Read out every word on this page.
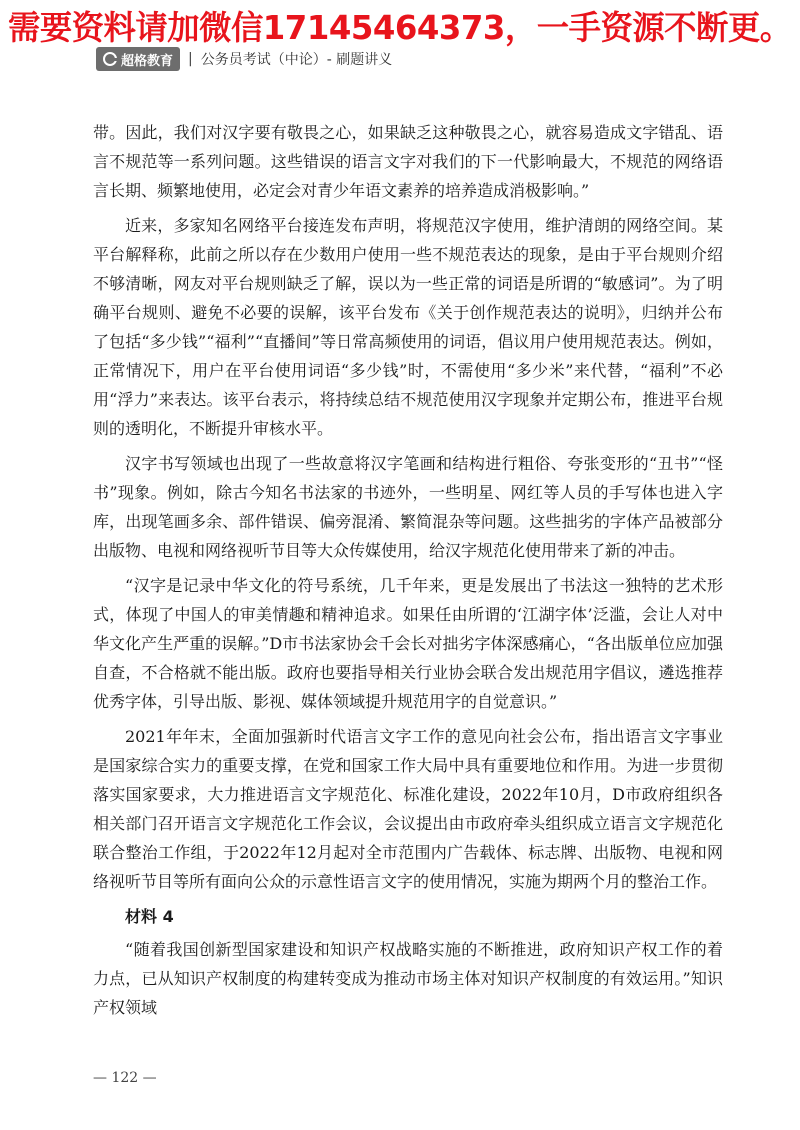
需要资料请加微信17145464373，一手资源不断更。
超格教育 | 公务员考试（中论）- 刷题讲义

带。因此，我们对汉字要有敬畏之心，如果缺乏这种敬畏之心，就容易造成文字错乱、语言不规范等一系列问题。这些错误的语言文字对我们的下一代影响最大，不规范的网络语言长期、频繁地使用，必定会对青少年语文素养的培养造成消极影响。”

近来，多家知名网络平台接连发布声明，将规范汉字使用，维护清朗的网络空间。某平台解释称，此前之所以存在少数用户使用一些不规范表达的现象，是由于平台规则介绍不够清晰，网友对平台规则缺乏了解，误以为一些正常的词语是所谓的“敏感词”。为了明确平台规则、避免不必要的误解，该平台发布《关于创作规范表达的说明》，归纳并公布了包括“多少钱”“福利”“直播间”等日常高频使用的词语，倡议用户使用规范表达。例如，正常情况下，用户在平台使用词语“多少钱”时，不需使用“多少米”来代替，“福利”不必用“浮力”来表达。该平台表示，将持续总结不规范使用汉字现象并定期公布，推进平台规则的透明化，不断提升审核水平。

汉字书写领域也出现了一些故意将汉字笔画和结构进行粗俗、夸张变形的“丑书”“怪书”现象。例如，除古今知名书法家的书迹外，一些明星、网红等人员的手写体也进入字库，出现笔画多余、部件错误、偏旁混淆、繁简混杂等问题。这些拙劣的字体产品被部分出版物、电视和网络视听节目等大众传媒使用，给汉字规范化使用带来了新的冲击。

“汉字是记录中华文化的符号系统，几千年来，更是发展出了书法这一独特的艺术形式，体现了中国人的审美情趣和精神追求。如果任由所谓的‘江湖字体’泛滥，会让人对中华文化产生严重的误解。”D市书法家协会千会长对拙劣字体深感痛心，“各出版单位应加强自查，不合格就不能出版。政府也要指导相关行业协会联合发出规范用字倡议，遴选推荐优秀字体，引导出版、影视、媒体领域提升规范用字的自觉意识。”

2021年年末，全面加强新时代语言文字工作的意见向社会公布，指出语言文字事业是国家综合实力的重要支撑，在党和国家工作大局中具有重要地位和作用。为进一步贯彻落实国家要求，大力推进语言文字规范化、标准化建设，2022年10月，D市政府组织各相关部门召开语言文字规范化工作会议，会议提出由市政府牵头组织成立语言文字规范化联合整治工作组，于2022年12月起对全市范围内广告载体、标志牌、出版物、电视和网络视听节目等所有面向公众的示意性语言文字的使用情况，实施为期两个月的整治工作。

材料 4

“随着我国创新型国家建设和知识产权战略实施的不断推进，政府知识产权工作的着力点，已从知识产权制度的构建转变成为推动市场主体对知识产权制度的有效运用。”知识产权领域

— 122 —
